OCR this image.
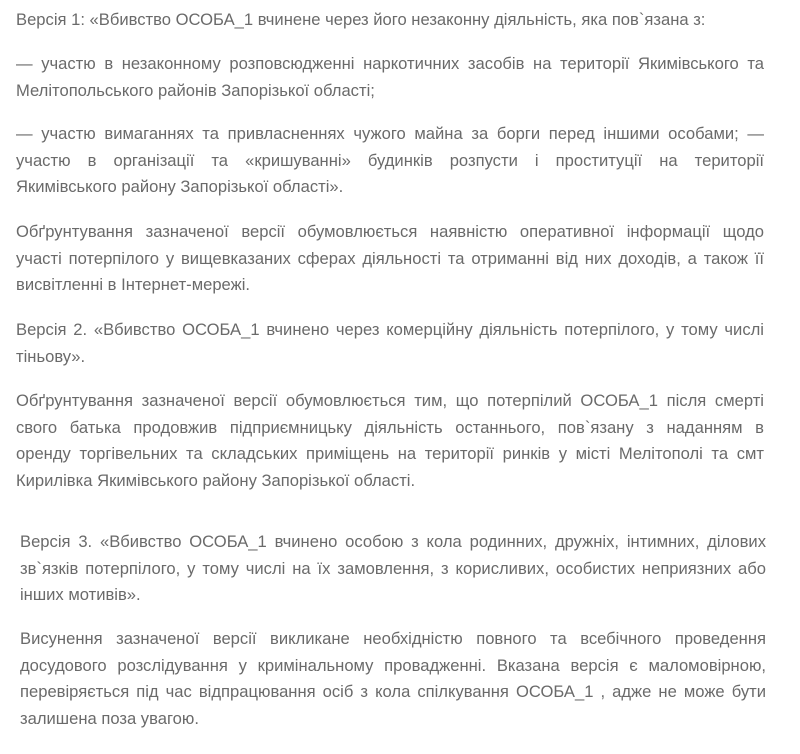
Версія 1: «Вбивство ОСОБА_1 вчинене через його незаконну діяльність, яка пов`язана з:

— участю в незаконному розповсюдженні наркотичних засобів на території Якимівського та
Мелітопольського районів Запорізької області;

— участю вимаганнях та привласненнях чужого майна за борги перед іншими особами; —
участю в організації та «кришуванні» будинків розпусти і проституції на території
Якимівського району Запорізької області».

Обґрунтування зазначеної версії обумовлюється наявністю оперативної інформації щодо
участі потерпілого у вищевказаних сферах діяльності та отриманні від них доходів, а також її
висвітленні в Інтернет-мережі.

Версія 2. «Вбивство ОСОБА_1 вчинено через комерційну діяльність потерпілого, у тому числі
тіньову».

Обґрунтування зазначеної версії обумовлюється тим, що потерпілий ОСОБА_1 після смерті
свого батька продовжив підприємницьку діяльність останнього, пов`язану з наданням в
оренду торгівельних та складських приміщень на території ринків у місті Мелітополі та смт
Кирилівка Якимівського району Запорізької області.

Версія 3. «Вбивство ОСОБА_1 вчинено особою з кола родинних, дружніх, інтимних, ділових
зв`язків потерпілого, у тому числі на їх замовлення, з корисливих, особистих неприязних або
інших мотивів».

Висунення зазначеної версії викликане необхідністю повного та всебічного проведення
досудового розслідування у кримінальному провадженні. Вказана версія є маломовірною,
перевіряється під час відпрацювання осіб з кола спілкування ОСОБА_1 , адже не може бути
залишена поза увагою.
